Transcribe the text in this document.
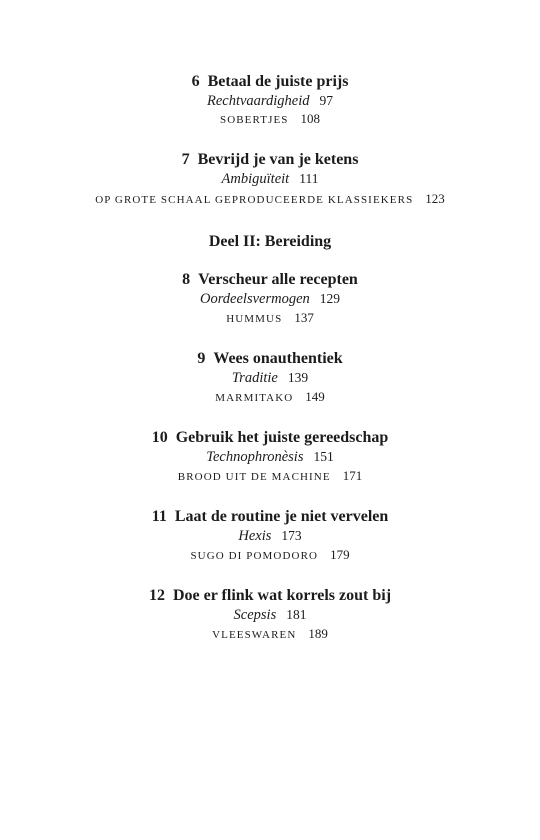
6 Betaal de juiste prijs
Rechtvaardigheid 97
SOBERTJES 108
7 Bevrijd je van je ketens
Ambiguïteit 111
OP GROTE SCHAAL GEPRODUCEERDE KLASSIEKERS 123
Deel II: Bereiding
8 Verscheur alle recepten
Oordeelsvermogen 129
HUMMUS 137
9 Wees onauthentiek
Traditie 139
MARMITAKO 149
10 Gebruik het juiste gereedschap
Technophronèsis 151
BROOD UIT DE MACHINE 171
11 Laat de routine je niet vervelen
Hexis 173
SUGO DI POMODORO 179
12 Doe er flink wat korrels zout bij
Scepsis 181
VLEESWAREN 189
